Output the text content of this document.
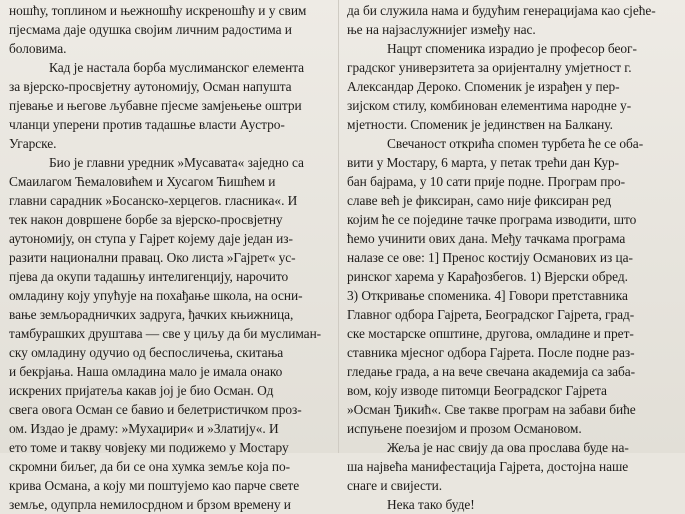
ношћу, топлином и њежношћу искреношћу и у свим
пјесмама даје одушка својим личним радостима и
боловима.
Кад је настала борба муслиманског елемента
за вјерско-просвјетну аутономију, Осман напушта
пјевање и његове љубавне пјесме замјењење оштри
чланци уперени против тадашње власти Аустро-
Угарске.
Био је главни уредник »Мусавата« заједно са
Смаилагом Ћемаловићем и Хусагом Ћишћем и
главни сарадник »Босанско-херцегов. гласника«. И
тек након довршене борбе за вјерско-просвјетну
аутономију, он ступа у Гајрет којему даје један из-
разити национални правац. Око листа »Гајрет« ус-
пјева да окупи тадашњу интелигенцију, нарочито
омладину коју упућује на похађање школа, на осни-
вање земљорадничких задруга, ђачких књижница,
тамбурашких друштава — све у циљу да би муслиман-
ску омладину одучио од беспосличења, скитања
и бекрјања. Наша омладина мало је имала онако
искрених пријатеља какав јој је био Осман. Од
свега овога Осман се бавио и белетристичком проз-
ом. Издао је драму: »Мухаџири« и »Златију«. И
ето томе и такву човјеку ми подижемо у Мостару
скромни биљег, да би се она хумка земље која по-
крива Османа, а коју ми поштујемо као парче свете
земље, одупрла немилосрдном и брзом времену и
да би служила нама и будућим генерацијама као сјеће-
ње на најзаслужнијег између нас.
Нацрт споменика израдио је професор беог-
градског универзитета за оријенталну умјетност г.
Александар Дероко. Споменик је израђен у пер-
зијском стилу, комбинован елементима народне у-
мјетности. Споменик је јединствен на Балкану.
Свечаност открића спомен турбета ће се оба-
вити у Мостару, 6 марта, у петак трећи дан Кур-
бан бајрама, у 10 сати прије подне. Програм про-
славе већ је фиксиран, само није фиксиран ред
којим ће се поједине тачке програма изводити, што
ћемо учинити ових дана. Међу тачкама програма
налазе се ове: 1] Пренос костију Османових из ца-
ринског харема у Карађозбегов. 1) Вјерски обред.
3) Откривање споменика. 4] Говори претставника
Главног одбора Гајрета, Београдског Гајрета, град-
ске мостарске општине, другова, омладине и прет-
ставника мјесног одбора Гајрета. После подне раз-
гледање града, а на вече свечана академија са заба-
вом, коју изводе питомци Београдског Гајрета
»Осман Ђикић«. Све такве програм на забави биће
испуњене поезијом и прозом Османовом.
Жеља је нас свију да ова прослава буде на-
ша највећа манифестација Гајрета, достојна наше
снаге и свијести.
Нека тако буде!
